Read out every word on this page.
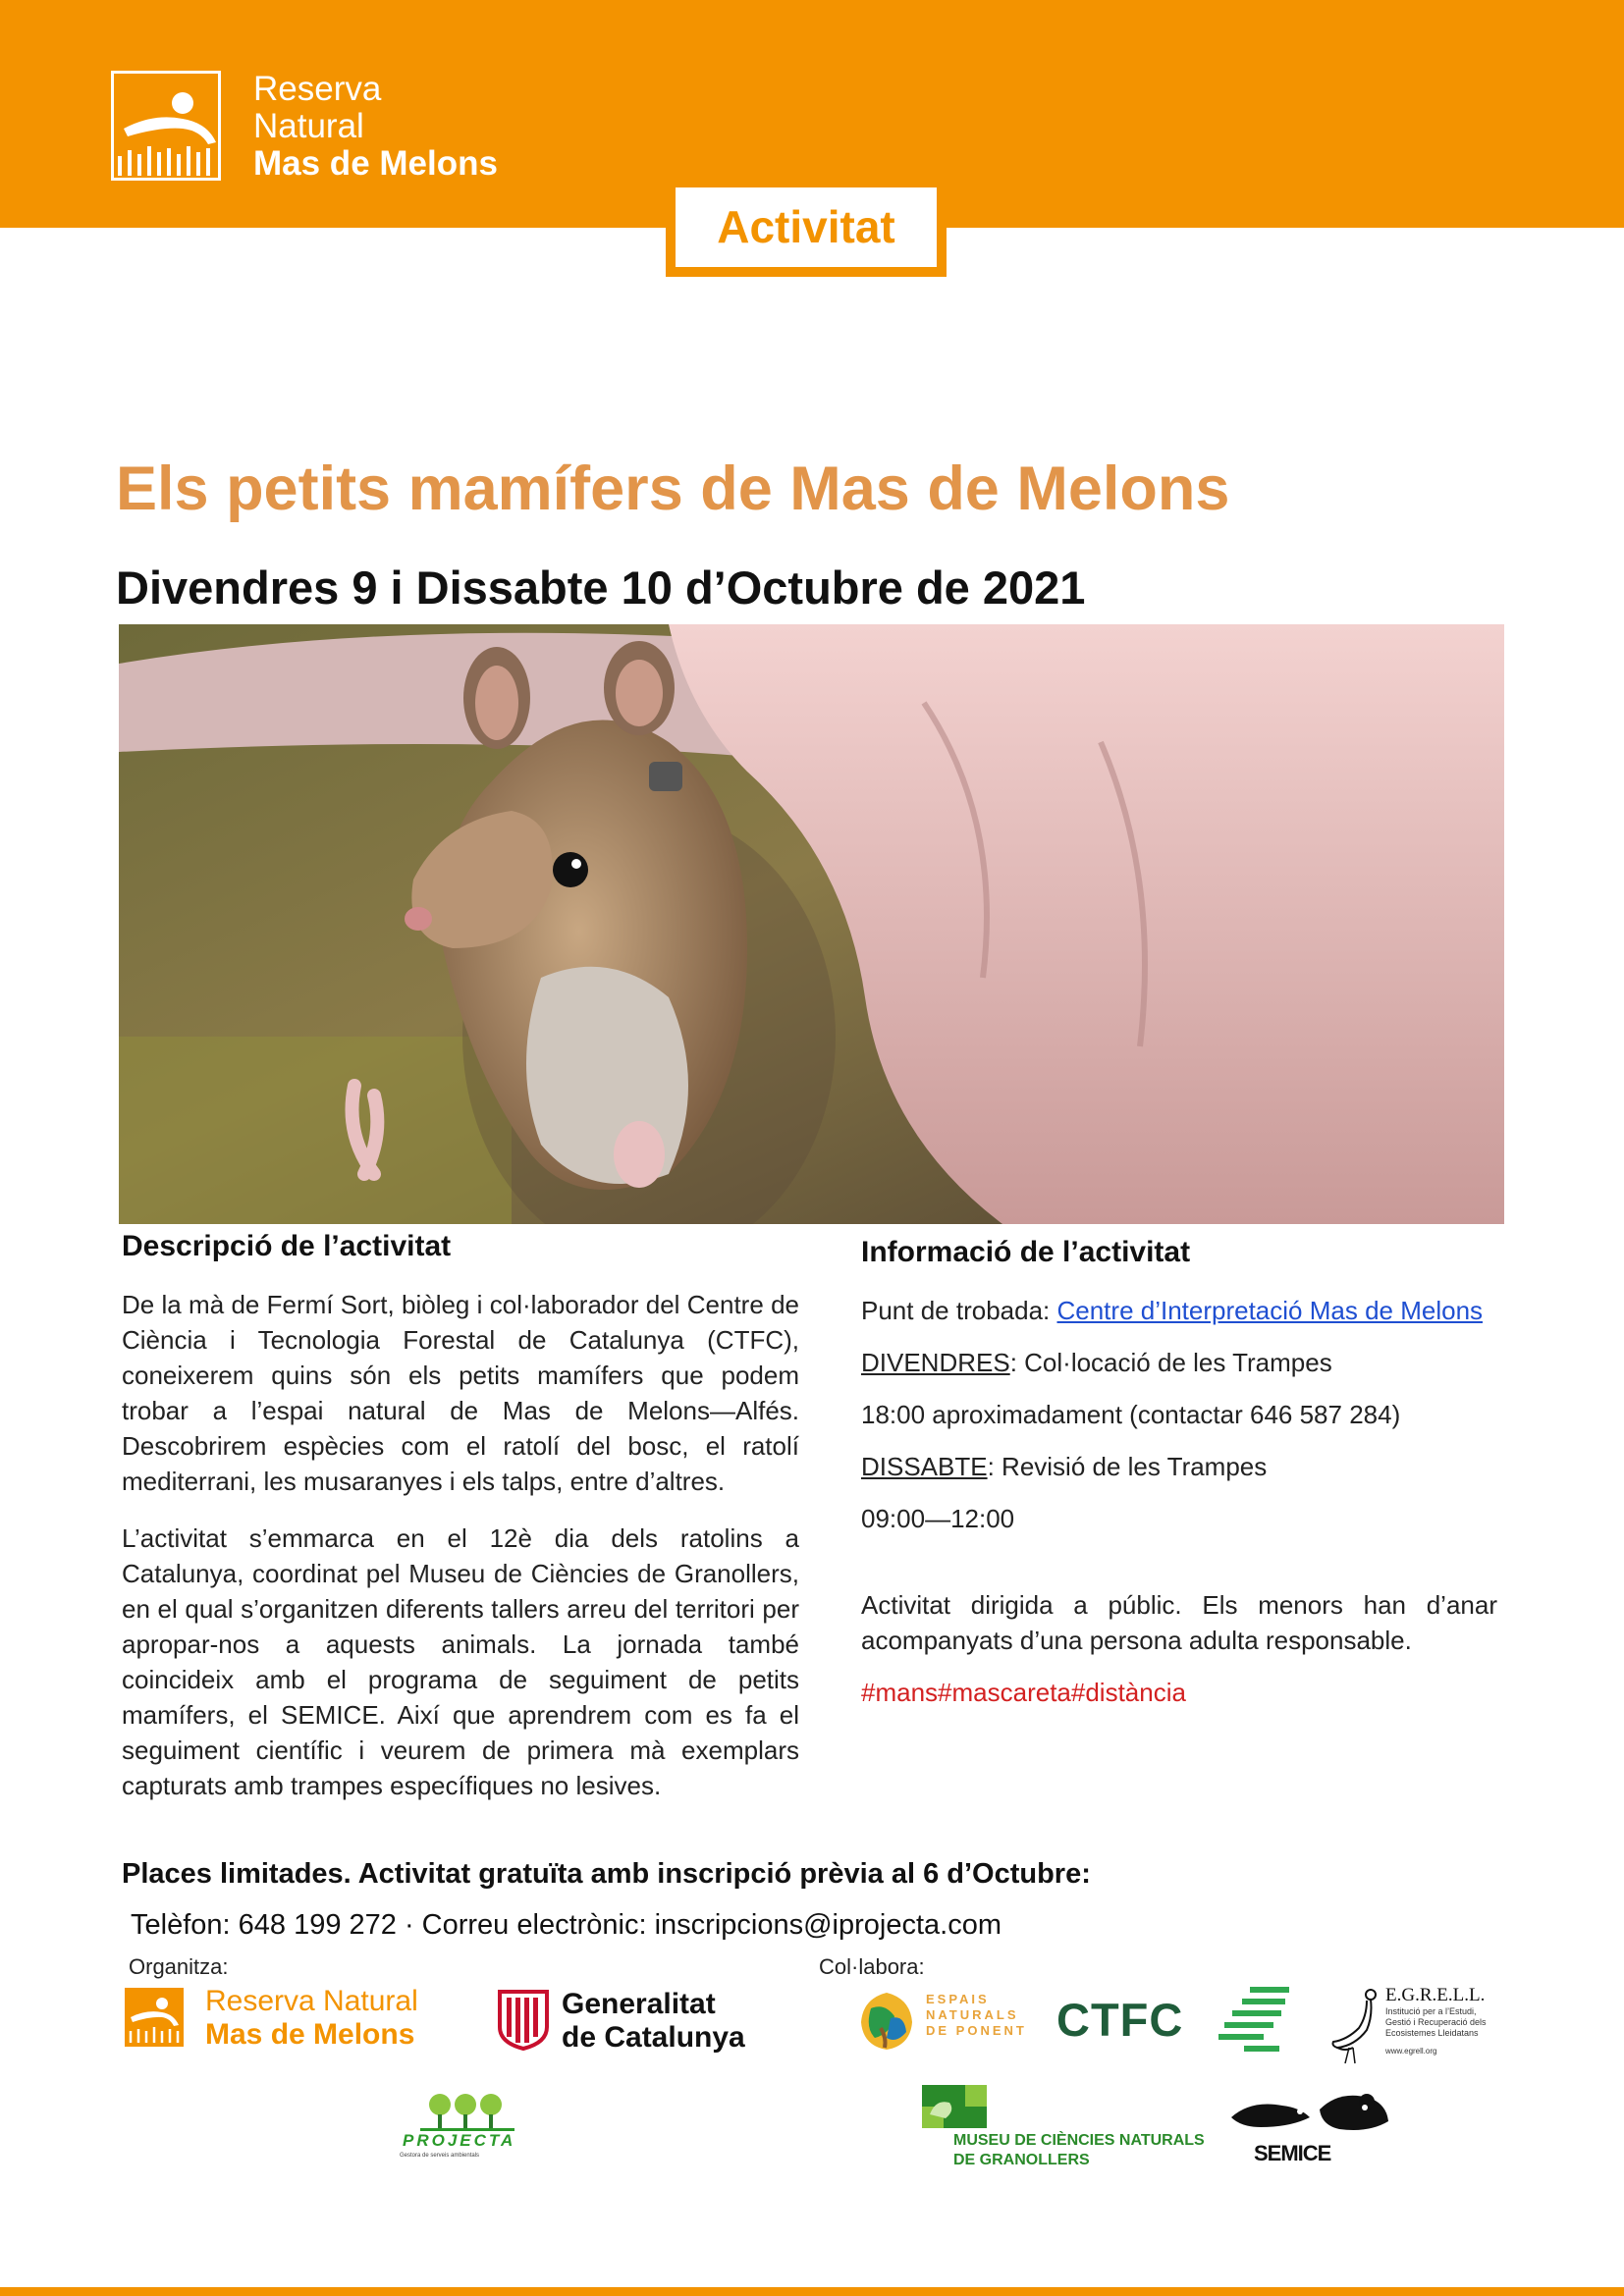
Reserva
Natural
Mas de Melons
Activitat
Els petits mamífers de Mas de Melons
Divendres 9 i Dissabte 10 d’Octubre de 2021
Descripció de l’activitat

De la mà de Fermí Sort, biòleg i col·laborador del Centre de Ciència i Tecnologia Forestal de Catalunya (CTFC), coneixerem quins són els petits mamífers que podem trobar a l’espai natural de Mas de Melons—Alfés. Descobrirem espècies com el ratolí del bosc, el ratolí mediterrani, les musaranyes i els talps, entre d’altres.

L’activitat s’emmarca en el 12è dia dels ratolins a Catalunya, coordinat pel Museu de Ciències de Granollers, en el qual s’organitzen diferents tallers arreu del territori per apropar-nos a aquests animals. La jornada també coincideix amb el programa de seguiment de petits mamífers, el SEMICE. Així que aprendrem com es fa el seguiment científic i veurem de primera mà exemplars capturats amb trampes específiques no lesives.

Informació de l’activitat
Punt de trobada: Centre d’Interpretació Mas de Melons
DIVENDRES: Col·locació de les Trampes
18:00 aproximadament (contactar 646 587 284)
DISSABTE: Revisió de les Trampes
09:00—12:00
Activitat dirigida a públic. Els menors han d’anar acompanyats d’una persona adulta responsable.
#mans#mascareta#distància
Places limitades. Activitat gratuïta amb inscripció prèvia al 6 d’Octubre:
Telèfon: 648 199 272 · Correu electrònic: inscripcions@iprojecta.com
Organitza:	Col·labora:
Reserva Natural
Mas de Melons
Generalitat
de Catalunya
ESPAIS
NATURALS
DE PONENT CTFC	E.G.R.E.L.L.
Institució per a l’Estudi, Gestió i Recuperació dels Ecosistemes Lleidatans
www.egrell.org
PROJECTA
Gestora de serveis ambientals
MUSEU DE CIÈNCIES NATURALS
DE GRANOLLERS	SEMICE
